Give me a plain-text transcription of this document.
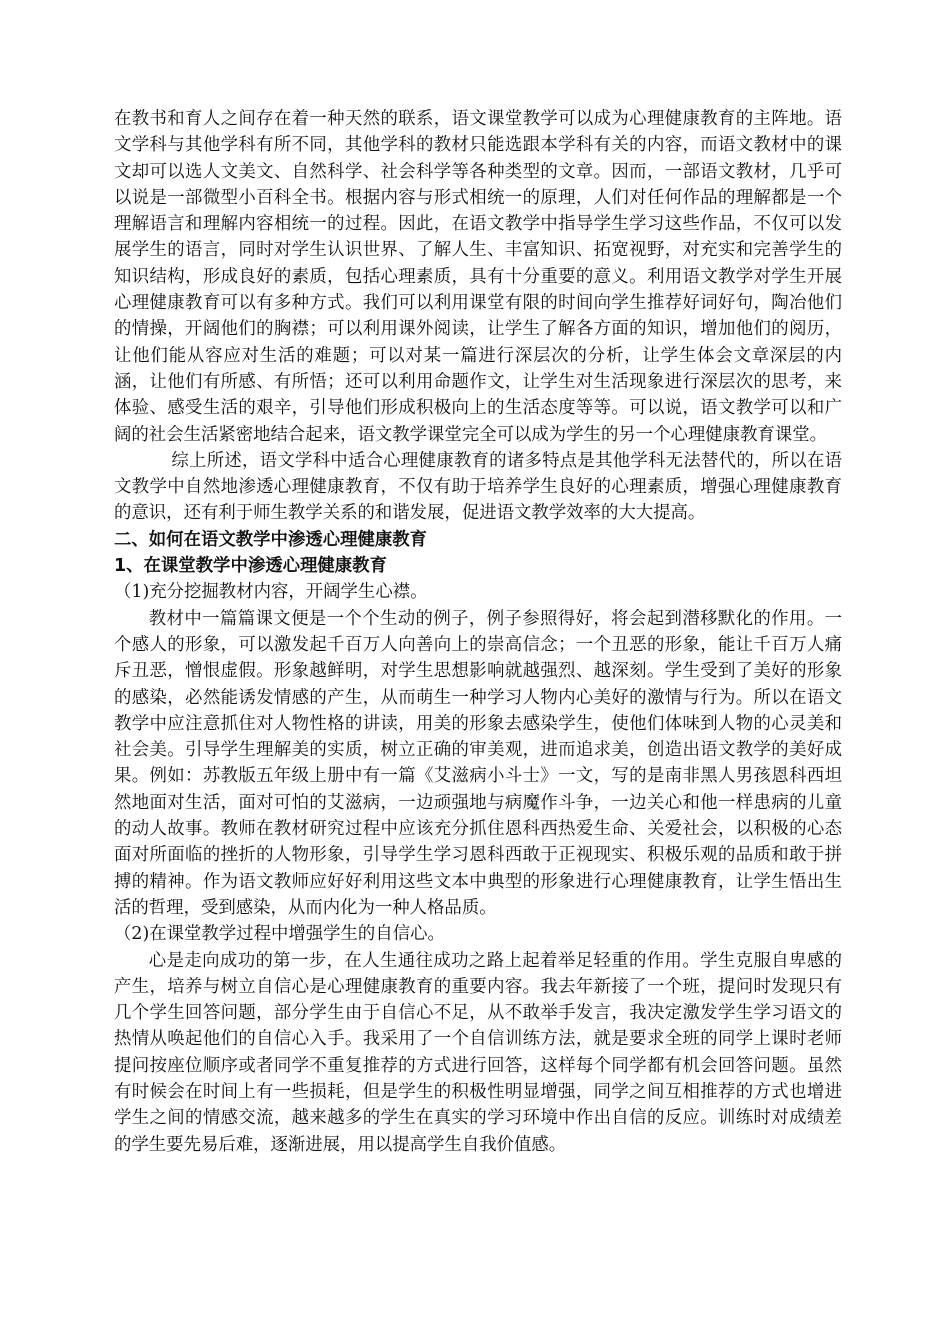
在教书和育人之间存在着一种天然的联系，语文课堂教学可以成为心理健康教育的主阵地。语文学科与其他学科有所不同，其他学科的教材只能选跟本学科有关的内容，而语文教材中的课文却可以选人文美文、自然科学、社会科学等各种类型的文章。因而，一部语文教材，几乎可以说是一部微型小百科全书。根据内容与形式相统一的原理，人们对任何作品的理解都是一个理解语言和理解内容相统一的过程。因此，在语文教学中指导学生学习这些作品，不仅可以发展学生的语言，同时对学生认识世界、了解人生、丰富知识、拓宽视野，对充实和完善学生的知识结构，形成良好的素质，包括心理素质，具有十分重要的意义。利用语文教学对学生开展心理健康教育可以有多种方式。我们可以利用课堂有限的时间向学生推荐好词好句，陶冶他们的情操，开阔他们的胸襟；可以利用课外阅读，让学生了解各方面的知识，增加他们的阅历，让他们能从容应对生活的难题；可以对某一篇进行深层次的分析，让学生体会文章深层的内涵，让他们有所感、有所悟；还可以利用命题作文，让学生对生活现象进行深层次的思考，来体验、感受生活的艰辛，引导他们形成积极向上的生活态度等等。可以说，语文教学可以和广阔的社会生活紧密地结合起来，语文教学课堂完全可以成为学生的另一个心理健康教育课堂。

综上所述，语文学科中适合心理健康教育的诸多特点是其他学科无法替代的，所以在语文教学中自然地渗透心理健康教育，不仅有助于培养学生良好的心理素质，增强心理健康教育的意识，还有利于师生教学关系的和谐发展，促进语文教学效率的大大提高。

二、如何在语文教学中渗透心理健康教育

1、在课堂教学中渗透心理健康教育

（1)充分挖掘教材内容，开阔学生心襟。

教材中一篇篇课文便是一个个生动的例子，例子参照得好，将会起到潜移默化的作用。一个感人的形象，可以激发起千百万人向善向上的崇高信念；一个丑恶的形象，能让千百万人痛斥丑恶，憎恨虚假。形象越鲜明，对学生思想影响就越强烈、越深刻。学生受到了美好的形象的感染，必然能诱发情感的产生，从而萌生一种学习人物内心美好的激情与行为。所以在语文教学中应注意抓住对人物性格的讲读，用美的形象去感染学生，使他们体味到人物的心灵美和社会美。引导学生理解美的实质，树立正确的审美观，进而追求美，创造出语文教学的美好成果。例如：苏教版五年级上册中有一篇《艾滋病小斗士》一文，写的是南非黑人男孩恩科西坦然地面对生活，面对可怕的艾滋病，一边顽强地与病魔作斗争，一边关心和他一样患病的儿童的动人故事。教师在教材研究过程中应该充分抓住恩科西热爱生命、关爱社会，以积极的心态面对所面临的挫折的人物形象，引导学生学习恩科西敢于正视现实、积极乐观的品质和敢于拼搏的精神。作为语文教师应好好利用这些文本中典型的形象进行心理健康教育，让学生悟出生活的哲理，受到感染，从而内化为一种人格品质。

（2)在课堂教学过程中增强学生的自信心。

心是走向成功的第一步，在人生通往成功之路上起着举足轻重的作用。学生克服自卑感的产生，培养与树立自信心是心理健康教育的重要内容。我去年新接了一个班，提问时发现只有几个学生回答问题，部分学生由于自信心不足，从不敢举手发言，我决定激发学生学习语文的热情从唤起他们的自信心入手。我采用了一个自信训练方法，就是要求全班的同学上课时老师提问按座位顺序或者同学不重复推荐的方式进行回答，这样每个同学都有机会回答问题。虽然有时候会在时间上有一些损耗，但是学生的积极性明显增强，同学之间互相推荐的方式也增进学生之间的情感交流，越来越多的学生在真实的学习环境中作出自信的反应。训练时对成绩差的学生要先易后难，逐渐进展，用以提高学生自我价值感。
